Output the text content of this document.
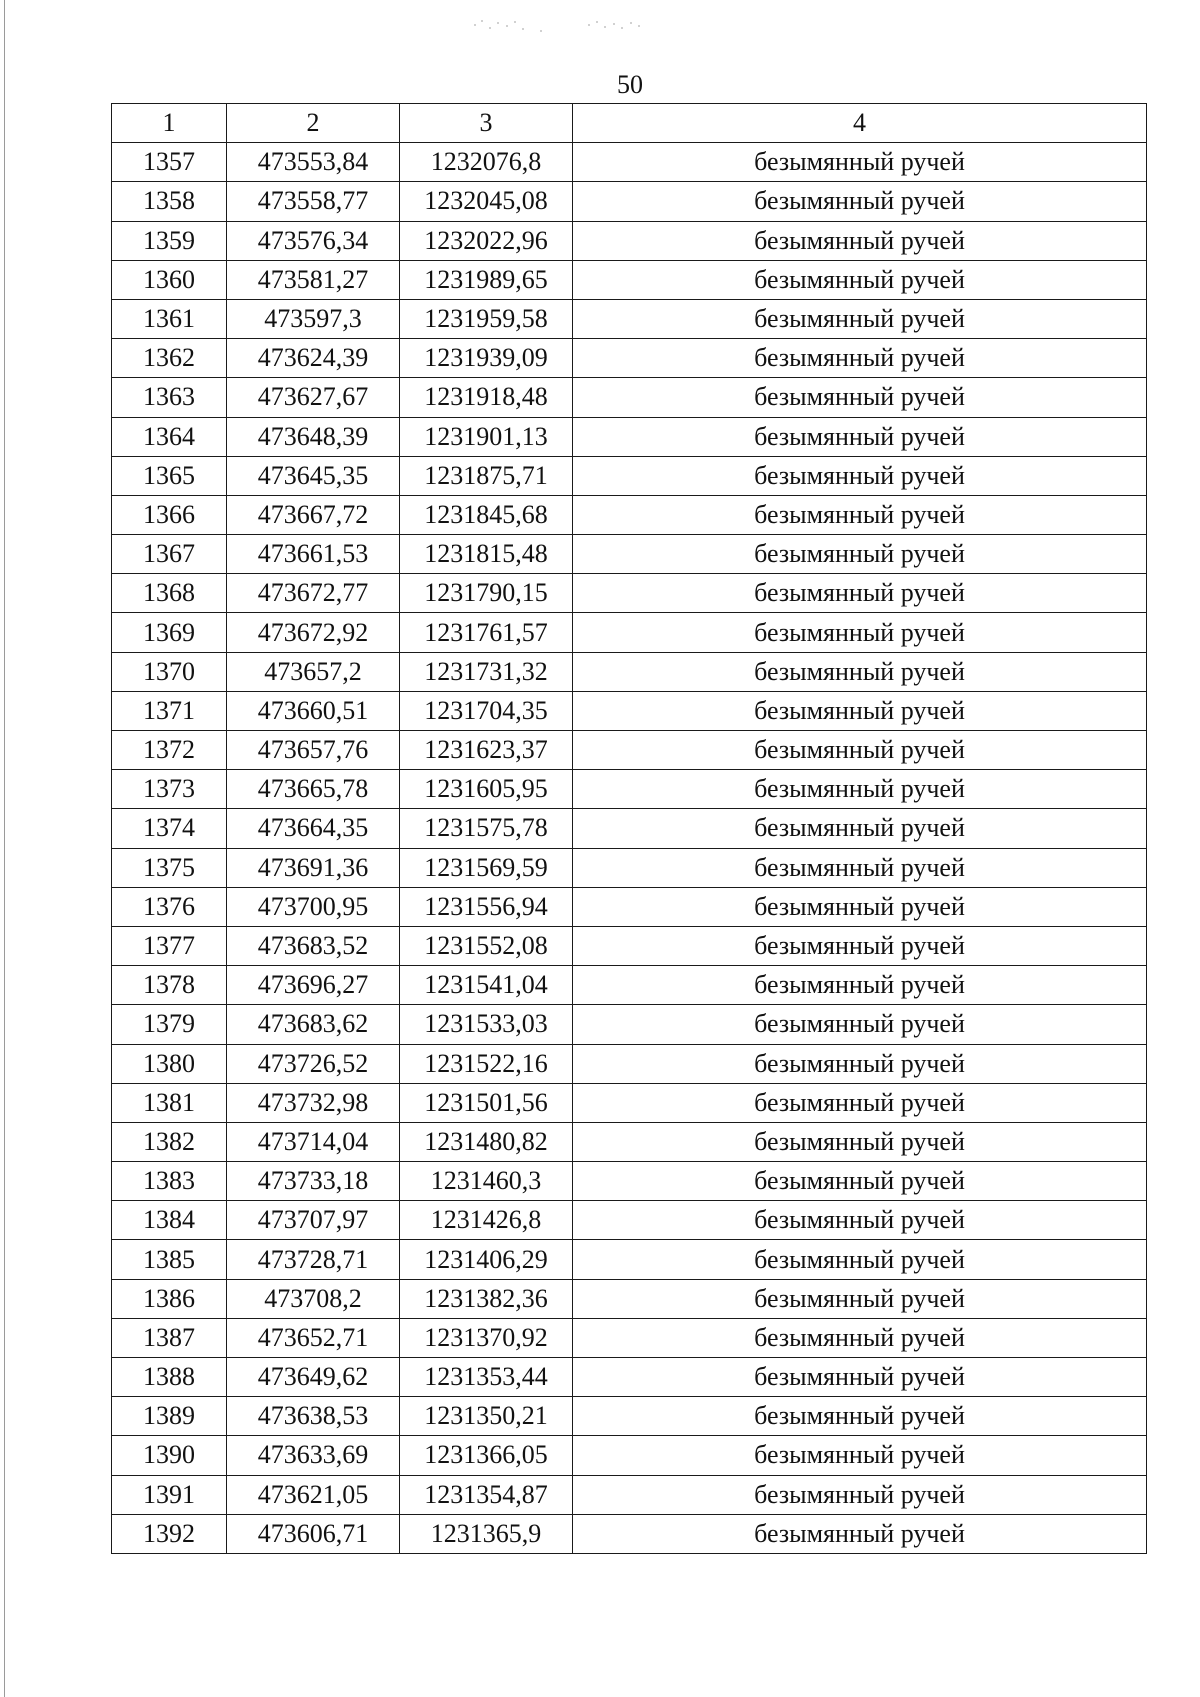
50
1	2	3	4
1357	473553,84	1232076,8	безымянный ручей
1358	473558,77	1232045,08	безымянный ручей
1359	473576,34	1232022,96	безымянный ручей
1360	473581,27	1231989,65	безымянный ручей
1361	473597,3	1231959,58	безымянный ручей
1362	473624,39	1231939,09	безымянный ручей
1363	473627,67	1231918,48	безымянный ручей
1364	473648,39	1231901,13	безымянный ручей
1365	473645,35	1231875,71	безымянный ручей
1366	473667,72	1231845,68	безымянный ручей
1367	473661,53	1231815,48	безымянный ручей
1368	473672,77	1231790,15	безымянный ручей
1369	473672,92	1231761,57	безымянный ручей
1370	473657,2	1231731,32	безымянный ручей
1371	473660,51	1231704,35	безымянный ручей
1372	473657,76	1231623,37	безымянный ручей
1373	473665,78	1231605,95	безымянный ручей
1374	473664,35	1231575,78	безымянный ручей
1375	473691,36	1231569,59	безымянный ручей
1376	473700,95	1231556,94	безымянный ручей
1377	473683,52	1231552,08	безымянный ручей
1378	473696,27	1231541,04	безымянный ручей
1379	473683,62	1231533,03	безымянный ручей
1380	473726,52	1231522,16	безымянный ручей
1381	473732,98	1231501,56	безымянный ручей
1382	473714,04	1231480,82	безымянный ручей
1383	473733,18	1231460,3	безымянный ручей
1384	473707,97	1231426,8	безымянный ручей
1385	473728,71	1231406,29	безымянный ручей
1386	473708,2	1231382,36	безымянный ручей
1387	473652,71	1231370,92	безымянный ручей
1388	473649,62	1231353,44	безымянный ручей
1389	473638,53	1231350,21	безымянный ручей
1390	473633,69	1231366,05	безымянный ручей
1391	473621,05	1231354,87	безымянный ручей
1392	473606,71	1231365,9	безымянный ручей
